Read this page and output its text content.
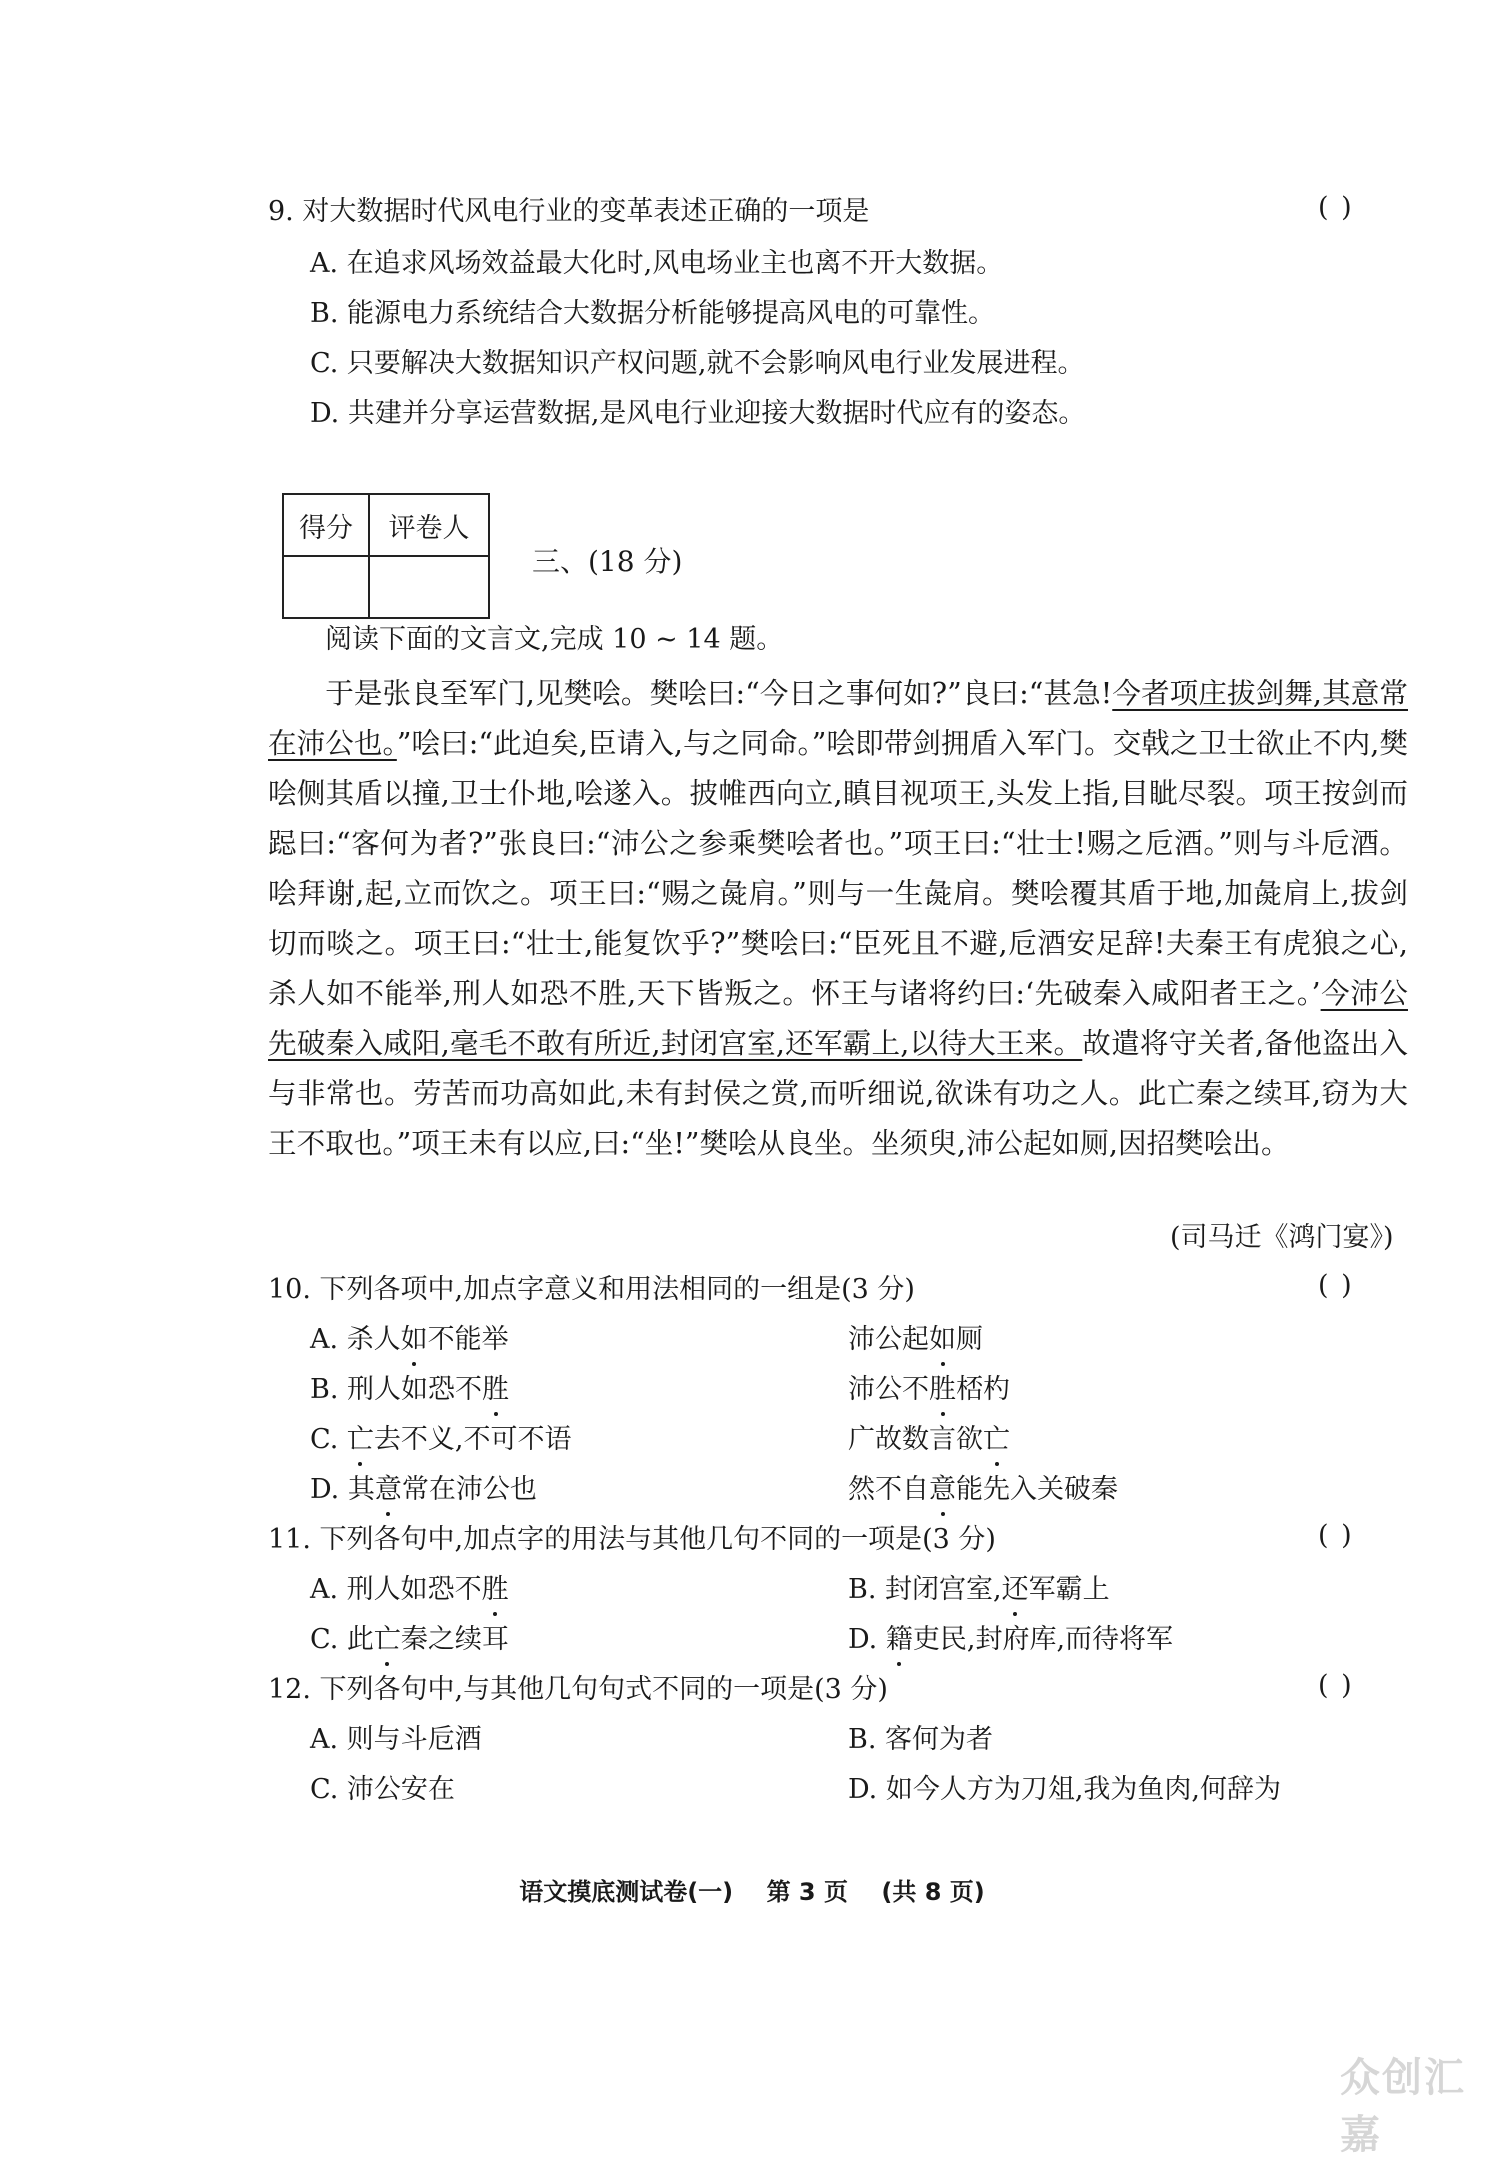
9. 对大数据时代风电行业的变革表述正确的一项是	( )
A. 在追求风场效益最大化时,风电场业主也离不开大数据。
B. 能源电力系统结合大数据分析能够提高风电的可靠性。
C. 只要解决大数据知识产权问题,就不会影响风电行业发展进程。
D. 共建并分享运营数据,是风电行业迎接大数据时代应有的姿态。
得分	评卷人

三、(18 分)
阅读下面的文言文,完成 10 ~ 14 题。

于是张良至军门,见樊哙。樊哙曰:“今日之事何如?”良曰:“甚急!今者项庄拔剑舞,其意常在沛公也。”哙曰:“此迫矣,臣请入,与之同命。”哙即带剑拥盾入军门。交戟之卫士欲止不内,樊哙侧其盾以撞,卫士仆地,哙遂入。披帷西向立,瞋目视项王,头发上指,目眦尽裂。项王按剑而跽曰:“客何为者?”张良曰:“沛公之参乘樊哙者也。”项王曰:“壮士!赐之卮酒。”则与斗卮酒。哙拜谢,起,立而饮之。项王曰:“赐之彘肩。”则与一生彘肩。樊哙覆其盾于地,加彘肩上,拔剑切而啖之。项王曰:“壮士,能复饮乎?”樊哙曰:“臣死且不避,卮酒安足辞!夫秦王有虎狼之心,杀人如不能举,刑人如恐不胜,天下皆叛之。怀王与诸将约曰:‘先破秦入咸阳者王之。’今沛公先破秦入咸阳,毫毛不敢有所近,封闭宫室,还军霸上,以待大王来。故遣将守关者,备他盗出入与非常也。劳苦而功高如此,未有封侯之赏,而听细说,欲诛有功之人。此亡秦之续耳,窃为大王不取也。”项王未有以应,曰:“坐!”樊哙从良坐。坐须臾,沛公起如厕,因招樊哙出。

(司马迁《鸿门宴》)
10. 下列各项中,加点字意义和用法相同的一组是(3 分)	( )
A. 杀人如不能举	沛公起如厕
B. 刑人如恐不胜	沛公不胜桮杓
C. 亡去不义,不可不语	广故数言欲亡
D. 其意常在沛公也	然不自意能先入关破秦
11. 下列各句中,加点字的用法与其他几句不同的一项是(3 分)	( )
A. 刑人如恐不胜	B. 封闭宫室,还军霸上
C. 此亡秦之续耳	D. 籍吏民,封府库,而待将军
12. 下列各句中,与其他几句句式不同的一项是(3 分)	( )
A. 则与斗卮酒	B. 客何为者
C. 沛公安在	D. 如今人方为刀俎,我为鱼肉,何辞为
语文摸底测试卷(一)    第 3 页    (共 8 页)
众创汇嘉
